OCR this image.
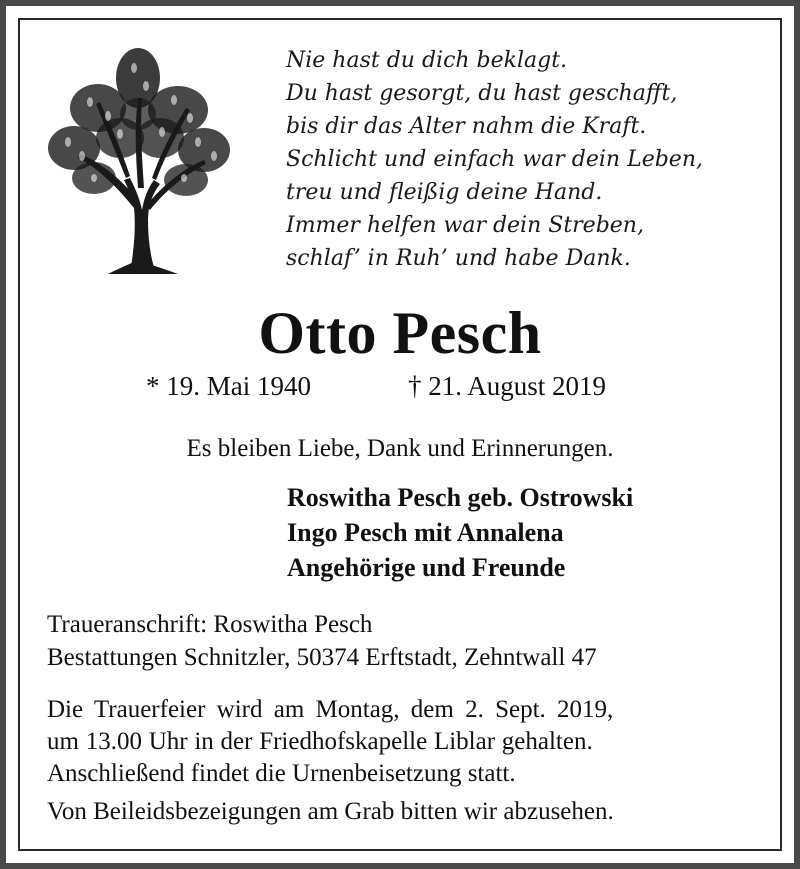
Nie hast du dich beklagt.
Du hast gesorgt, du hast geschafft,
bis dir das Alter nahm die Kraft.
Schlicht und einfach war dein Leben,
treu und fleißig deine Hand.
Immer helfen war dein Streben,
schlaf’ in Ruh’ und habe Dank.
Otto Pesch
* 19. Mai 1940	† 21. August 2019
Es bleiben Liebe, Dank und Erinnerungen.
Roswitha Pesch geb. Ostrowski
Ingo Pesch mit Annalena
Angehörige und Freunde
Traueranschrift: Roswitha Pesch
Bestattungen Schnitzler, 50374 Erftstadt, Zehntwall 47
Die Trauerfeier wird am Montag, dem 2. Sept. 2019,
um 13.00 Uhr in der Friedhofskapelle Liblar gehalten.
Anschließend findet die Urnenbeisetzung statt.
Von Beileidsbezeigungen am Grab bitten wir abzusehen.
